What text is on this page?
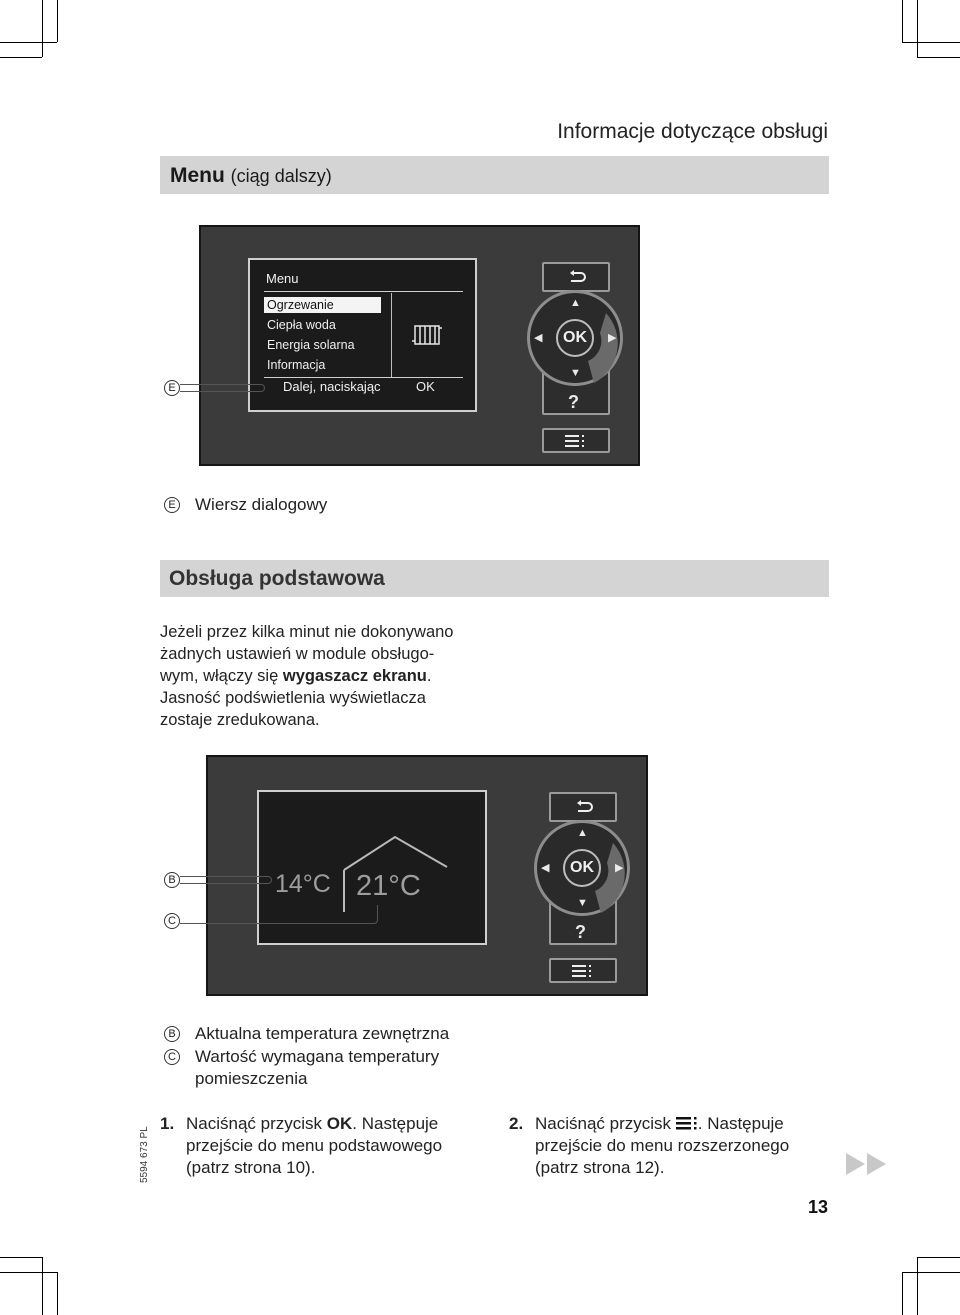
Informacje dotyczące obsługi
Menu (ciąg dalszy)
Menu
Ogrzewanie
Ciepła woda
Energia solarna
Informacja
Dalej, naciskając	OK
▲
▼
◀	▶
OK
?
E
E Wiersz dialogowy
Obsługa podstawowa

Jeżeli przez kilka minut nie dokonywano
żadnych ustawień w module obsługo-
wym, włączy się wygaszacz ekranu.
Jasność podświetlenia wyświetlacza
zostaje zredukowana.

14°C 21°C
▲
▼
◀	▶
OK
?
B
C
B Aktualna temperatura zewnętrzna
C Wartość wymagana temperatury
pomieszczenia
5594 673 PL
1. Naciśnąć przycisk OK. Następuje
przejście do menu podstawowego
(patrz strona 10).
2. Naciśnąć przycisk . Następuje
przejście do menu rozszerzonego
(patrz strona 12).
13
